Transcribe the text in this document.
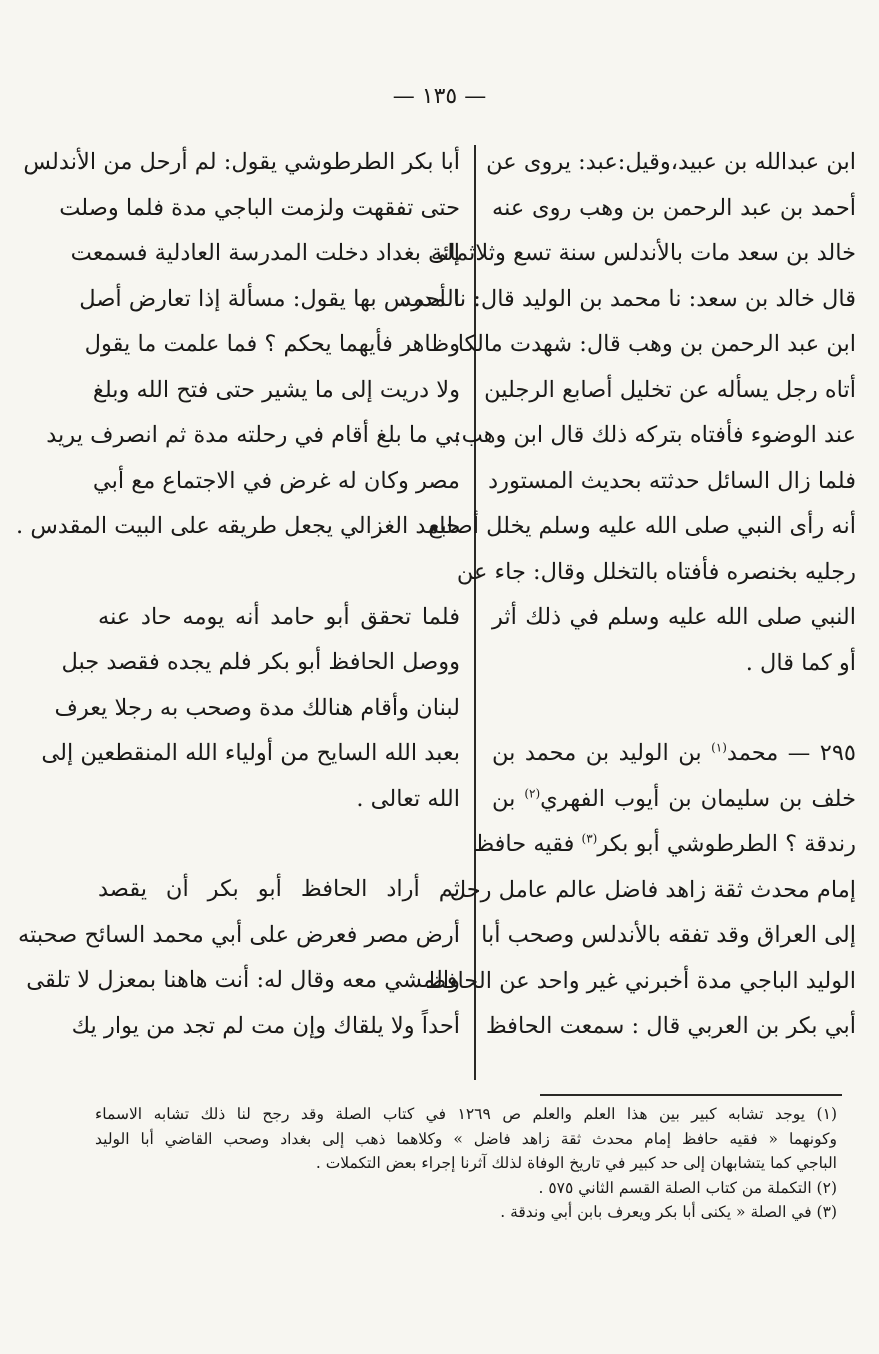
— ١٣٥ —
ابن عبدالله بن عبيد،وقيل:عبد: يروى عن
أحمد بن عبد الرحمن بن وهب روى عنه
خالد بن سعد مات بالأندلس سنة تسع وثلاثمائة
قال خالد بن سعد: نا محمد بن الوليد قال: نا أحمد
ابن عبد الرحمن بن وهب قال: شهدت مالكا
أتاه رجل يسأله عن تخليل أصابع الرجلين
عند الوضوء فأفتاه بتركه ذلك قال ابن وهب:
فلما زال السائل حدثته بحديث المستورد
أنه رأى النبي صلى الله عليه وسلم يخلل أصابع
رجليه بخنصره فأفتاه بالتخلل وقال: جاء عن
النبي صلى الله عليه وسلم في ذلك أثر
أو كما قال .
٢٩٥ — محمد$^{(١)}$ بن الوليد بن محمد بن
خلف بن سليمان بن أيوب الفهري$^{(٢)}$ بن
رندقة ؟ الطرطوشي أبو بكر$^{(٣)}$ فقيه حافظ
إمام محدث ثقة زاهد فاضل عالم عامل رحل
إلى العراق وقد تفقه بالأندلس وصحب أبا
الوليد الباجي مدة أخبرني غير واحد عن الحافظ
أبي بكر بن العربي قال : سمعت الحافظ
أبا بكر الطرطوشي يقول: لم أرحل من الأندلس
حتى تفقهت ولزمت الباجي مدة فلما وصلت
إلى بغداد دخلت المدرسة العادلية فسمعت
المدرس بها يقول: مسألة إذا تعارض أصل
وظاهر فأيهما يحكم ؟ فما علمت ما يقول
ولا دريت إلى ما يشير حتى فتح الله وبلغ
بي ما بلغ أقام في رحلته مدة ثم انصرف يريد
مصر وكان له غرض في الاجتماع مع أبي
حامد الغزالي يجعل طريقه على البيت المقدس .
فلما تحقق أبو حامد أنه يومه حاد عنه
ووصل الحافظ أبو بكر فلم يجده فقصد جبل
لبنان وأقام هنالك مدة وصحب به رجلا يعرف
بعبد الله السايح من أولياء الله المنقطعين إلى
الله تعالى .
ثم أراد الحافظ أبو بكر أن يقصد
أرض مصر فعرض على أبي محمد السائح صحبته
والمشي معه وقال له: أنت هاهنا بمعزل لا تلقى
أحداً ولا يلقاك وإن مت لم تجد من يوار يك
(١) يوجد تشابه كبير بين هذا العلم والعلم ص ١٢٦٩ في كتاب الصلة وقد رجح لنا ذلك تشابه الاسماء
وكونهما « فقيه حافظ إمام محدث ثقة زاهد فاضل » وكلاهما ذهب إلى بغداد وصحب القاضي أبا الوليد
الباجي كما يتشابهان إلى حد كبير في تاريخ الوفاة لذلك آثرنا إجراء بعض التكملات .
(٢) التكملة من كتاب الصلة القسم الثاني ٥٧٥ .
(٣) في الصلة « يكنى أبا بكر ويعرف بابن أبي وندقة .
